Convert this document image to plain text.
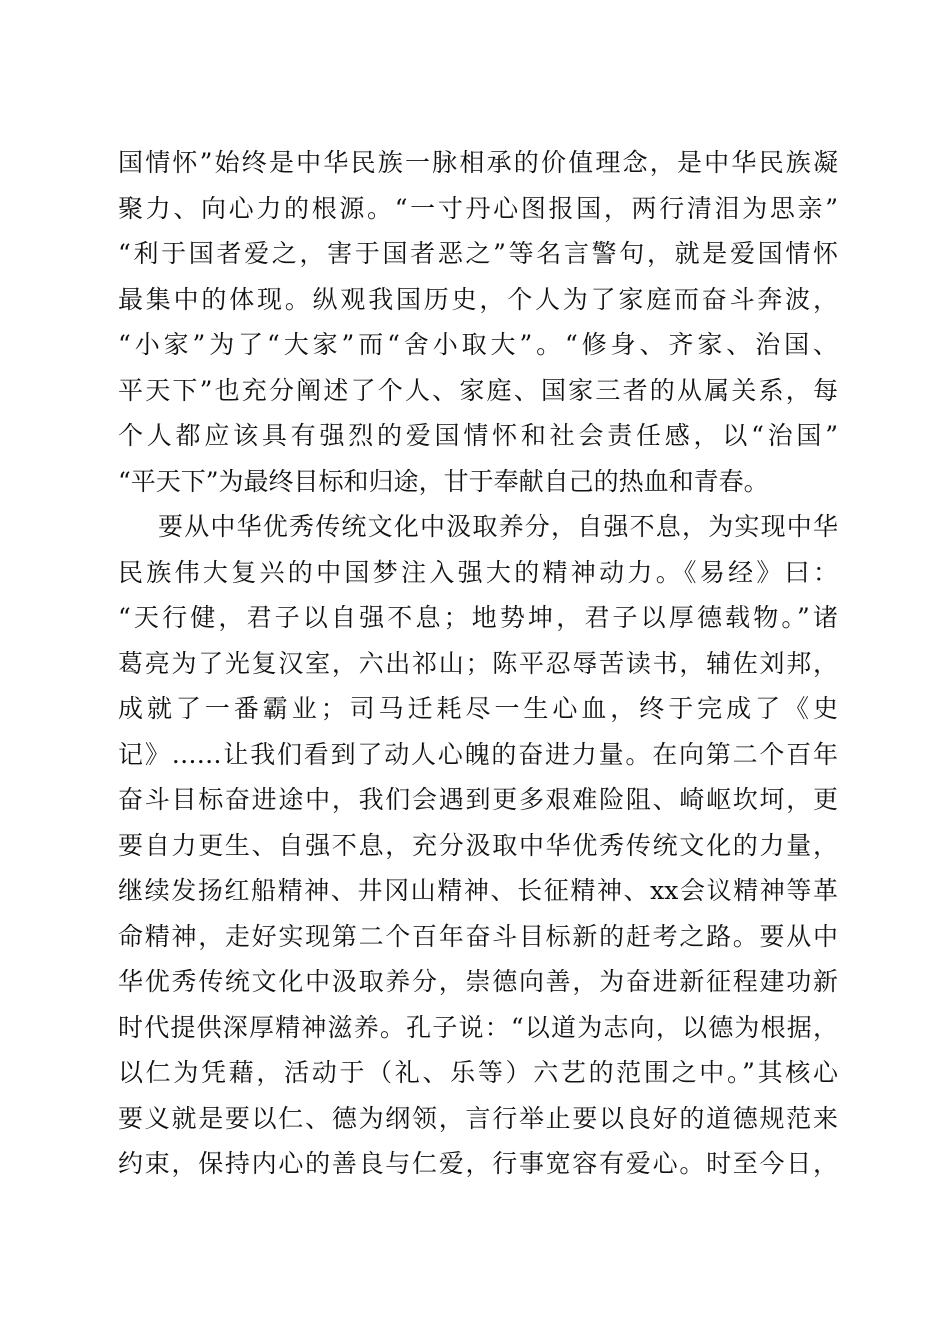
国情怀”始终是中华民族一脉相承的价值理念，是中华民族凝
聚力、向心力的根源。“一寸丹心图报国，两行清泪为思亲”
“利于国者爱之，害于国者恶之”等名言警句，就是爱国情怀
最集中的体现。纵观我国历史，个人为了家庭而奋斗奔波，
“小家”为了“大家”而“舍小取大”。“修身、齐家、治国、
平天下”也充分阐述了个人、家庭、国家三者的从属关系，每
个人都应该具有强烈的爱国情怀和社会责任感，以“治国”
“平天下”为最终目标和归途，甘于奉献自己的热血和青春。
要从中华优秀传统文化中汲取养分，自强不息，为实现中华
民族伟大复兴的中国梦注入强大的精神动力。《易经》曰：
“天行健，君子以自强不息；地势坤，君子以厚德载物。”诸
葛亮为了光复汉室，六出祁山；陈平忍辱苦读书，辅佐刘邦，
成就了一番霸业；司马迁耗尽一生心血，终于完成了《史
记》……让我们看到了动人心魄的奋进力量。在向第二个百年
奋斗目标奋进途中，我们会遇到更多艰难险阻、崎岖坎坷，更
要自力更生、自强不息，充分汲取中华优秀传统文化的力量，
继续发扬红船精神、井冈山精神、长征精神、xx会议精神等革
命精神，走好实现第二个百年奋斗目标新的赶考之路。要从中
华优秀传统文化中汲取养分，崇德向善，为奋进新征程建功新
时代提供深厚精神滋养。孔子说：“以道为志向，以德为根据，
以仁为凭藉，活动于（礼、乐等）六艺的范围之中。”其核心
要义就是要以仁、德为纲领，言行举止要以良好的道德规范来
约束，保持内心的善良与仁爱，行事宽容有爱心。时至今日，
